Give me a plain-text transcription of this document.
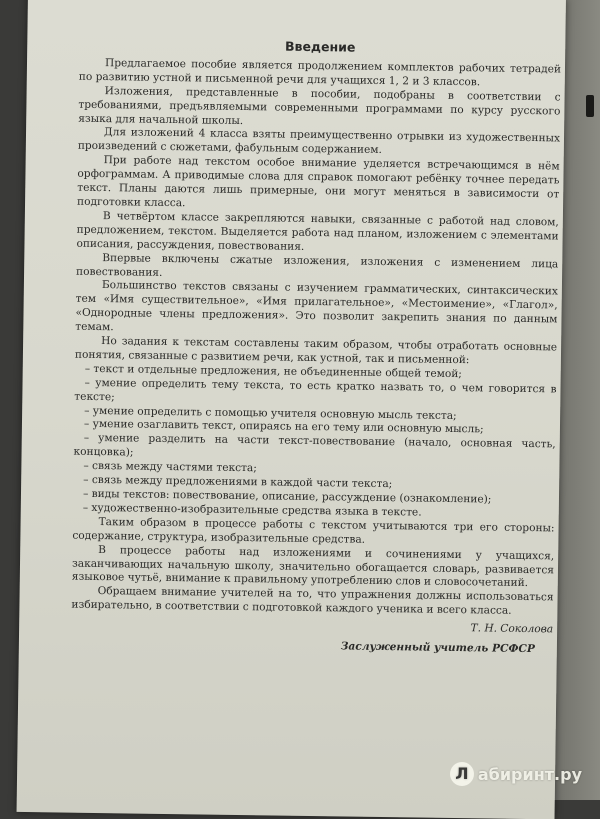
Введение

Предлагаемое пособие является продолжением комплектов рабочих тетрадей по развитию устной и письменной речи для учащихся 1, 2 и 3 классов.

Изложения, представленные в пособии, подобраны в соответствии с требованиями, предъявляемыми современными программами по курсу русского языка для начальной школы.

Для изложений 4 класса взяты преимущественно отрывки из художественных произведений с сюжетами, фабульным содержанием.

При работе над текстом особое внимание уделяется встречающимся в нём орфограммам. А приводимые слова для справок помогают ребёнку точнее передать текст. Планы даются лишь примерные, они могут меняться в зависимости от подготовки класса.

В четвёртом классе закрепляются навыки, связанные с работой над словом, предложением, текстом. Выделяется работа над планом, изложением с элементами описания, рассуждения, повествования.

Впервые включены сжатые изложения, изложения с изменением лица повествования.

Большинство текстов связаны с изучением грамматических, синтаксических тем «Имя существительное», «Имя прилагательное», «Местоимение», «Глагол», «Однородные члены предложения». Это позволит закрепить знания по данным темам.

Но задания к текстам составлены таким образом, чтобы отработать основные понятия, связанные с развитием речи, как устной, так и письменной:

– текст и отдельные предложения, не объединенные общей темой;
– умение определить тему текста, то есть кратко назвать то, о чем говорится в тексте;
– умение определить с помощью учителя основную мысль текста;
– умение озаглавить текст, опираясь на его тему или основную мысль;
– умение разделить на части текст-повествование (начало, основная часть, концовка);
– связь между частями текста;
– связь между предложениями в каждой части текста;
– виды текстов: повествование, описание, рассуждение (ознакомление);
– художественно-изобразительные средства языка в тексте.

Таким образом в процессе работы с текстом учитываются три его стороны: содержание, структура, изобразительные средства.

В процессе работы над изложениями и сочинениями у учащихся, заканчивающих начальную школу, значительно обогащается словарь, развивается языковое чутьё, внимание к правильному употреблению слов и словосочетаний.

Обращаем внимание учителей на то, что упражнения должны использоваться избирательно, в соответствии с подготовкой каждого ученика и всего класса.

Т. Н. Соколова
Заслуженный учитель РСФСР
Л абиринт.ру
